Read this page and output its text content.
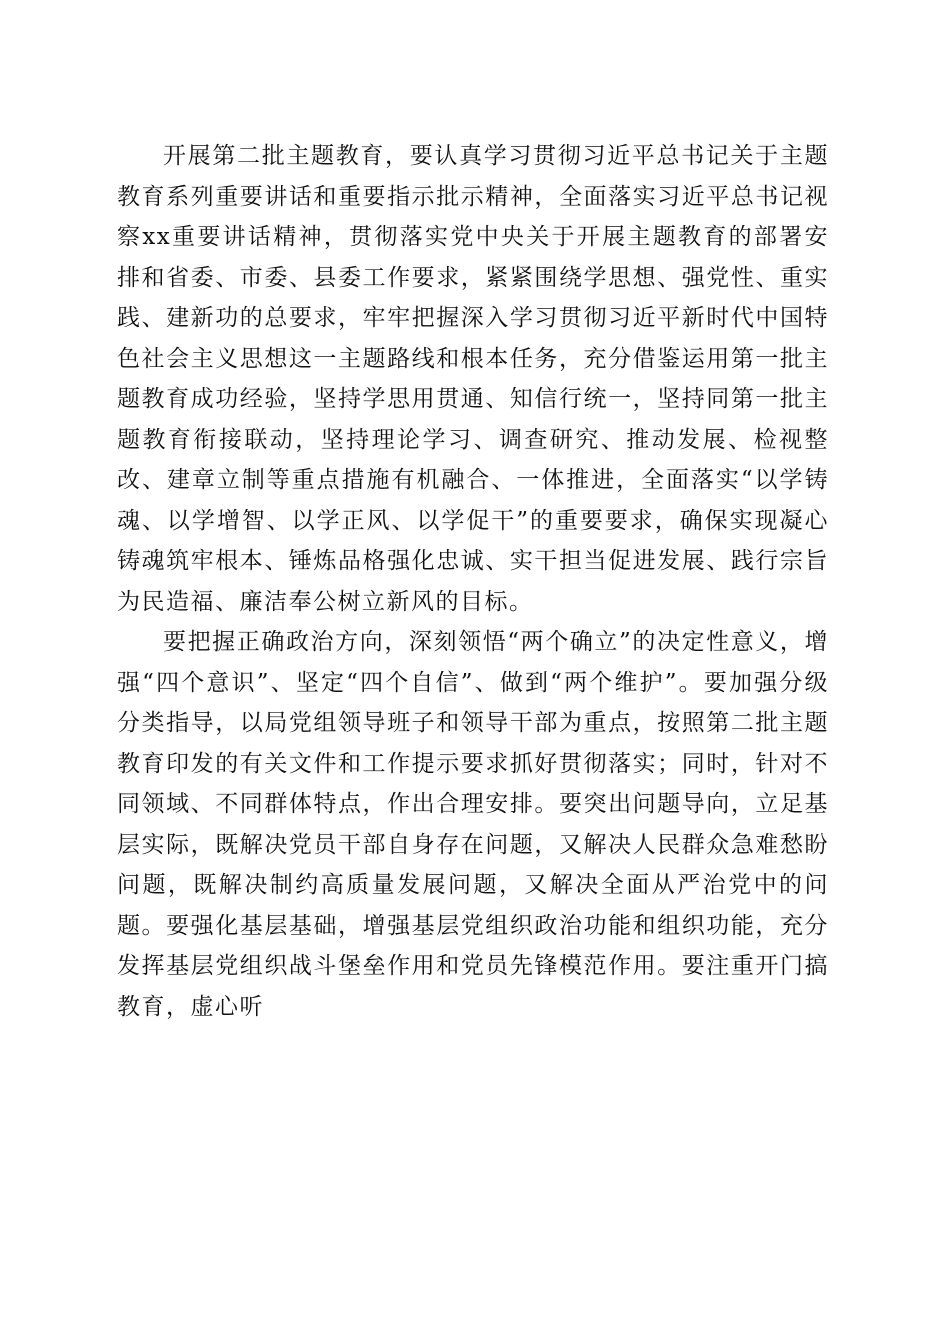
开展第二批主题教育，要认真学习贯彻习近平总书记关于主题教育系列重要讲话和重要指示批示精神，全面落实习近平总书记视察xx重要讲话精神，贯彻落实党中央关于开展主题教育的部署安排和省委、市委、县委工作要求，紧紧围绕学思想、强党性、重实践、建新功的总要求，牢牢把握深入学习贯彻习近平新时代中国特色社会主义思想这一主题路线和根本任务，充分借鉴运用第一批主题教育成功经验，坚持学思用贯通、知信行统一，坚持同第一批主题教育衔接联动，坚持理论学习、调查研究、推动发展、检视整改、建章立制等重点措施有机融合、一体推进，全面落实“以学铸魂、以学增智、以学正风、以学促干”的重要要求，确保实现凝心铸魂筑牢根本、锤炼品格强化忠诚、实干担当促进发展、践行宗旨为民造福、廉洁奉公树立新风的目标。

要把握正确政治方向，深刻领悟“两个确立”的决定性意义，增强“四个意识”、坚定“四个自信”、做到“两个维护”。要加强分级分类指导，以局党组领导班子和领导干部为重点，按照第二批主题教育印发的有关文件和工作提示要求抓好贯彻落实；同时，针对不同领域、不同群体特点，作出合理安排。要突出问题导向，立足基层实际，既解决党员干部自身存在问题，又解决人民群众急难愁盼问题，既解决制约高质量发展问题，又解决全面从严治党中的问题。要强化基层基础，增强基层党组织政治功能和组织功能，充分发挥基层党组织战斗堡垒作用和党员先锋模范作用。要注重开门搞教育，虚心听
